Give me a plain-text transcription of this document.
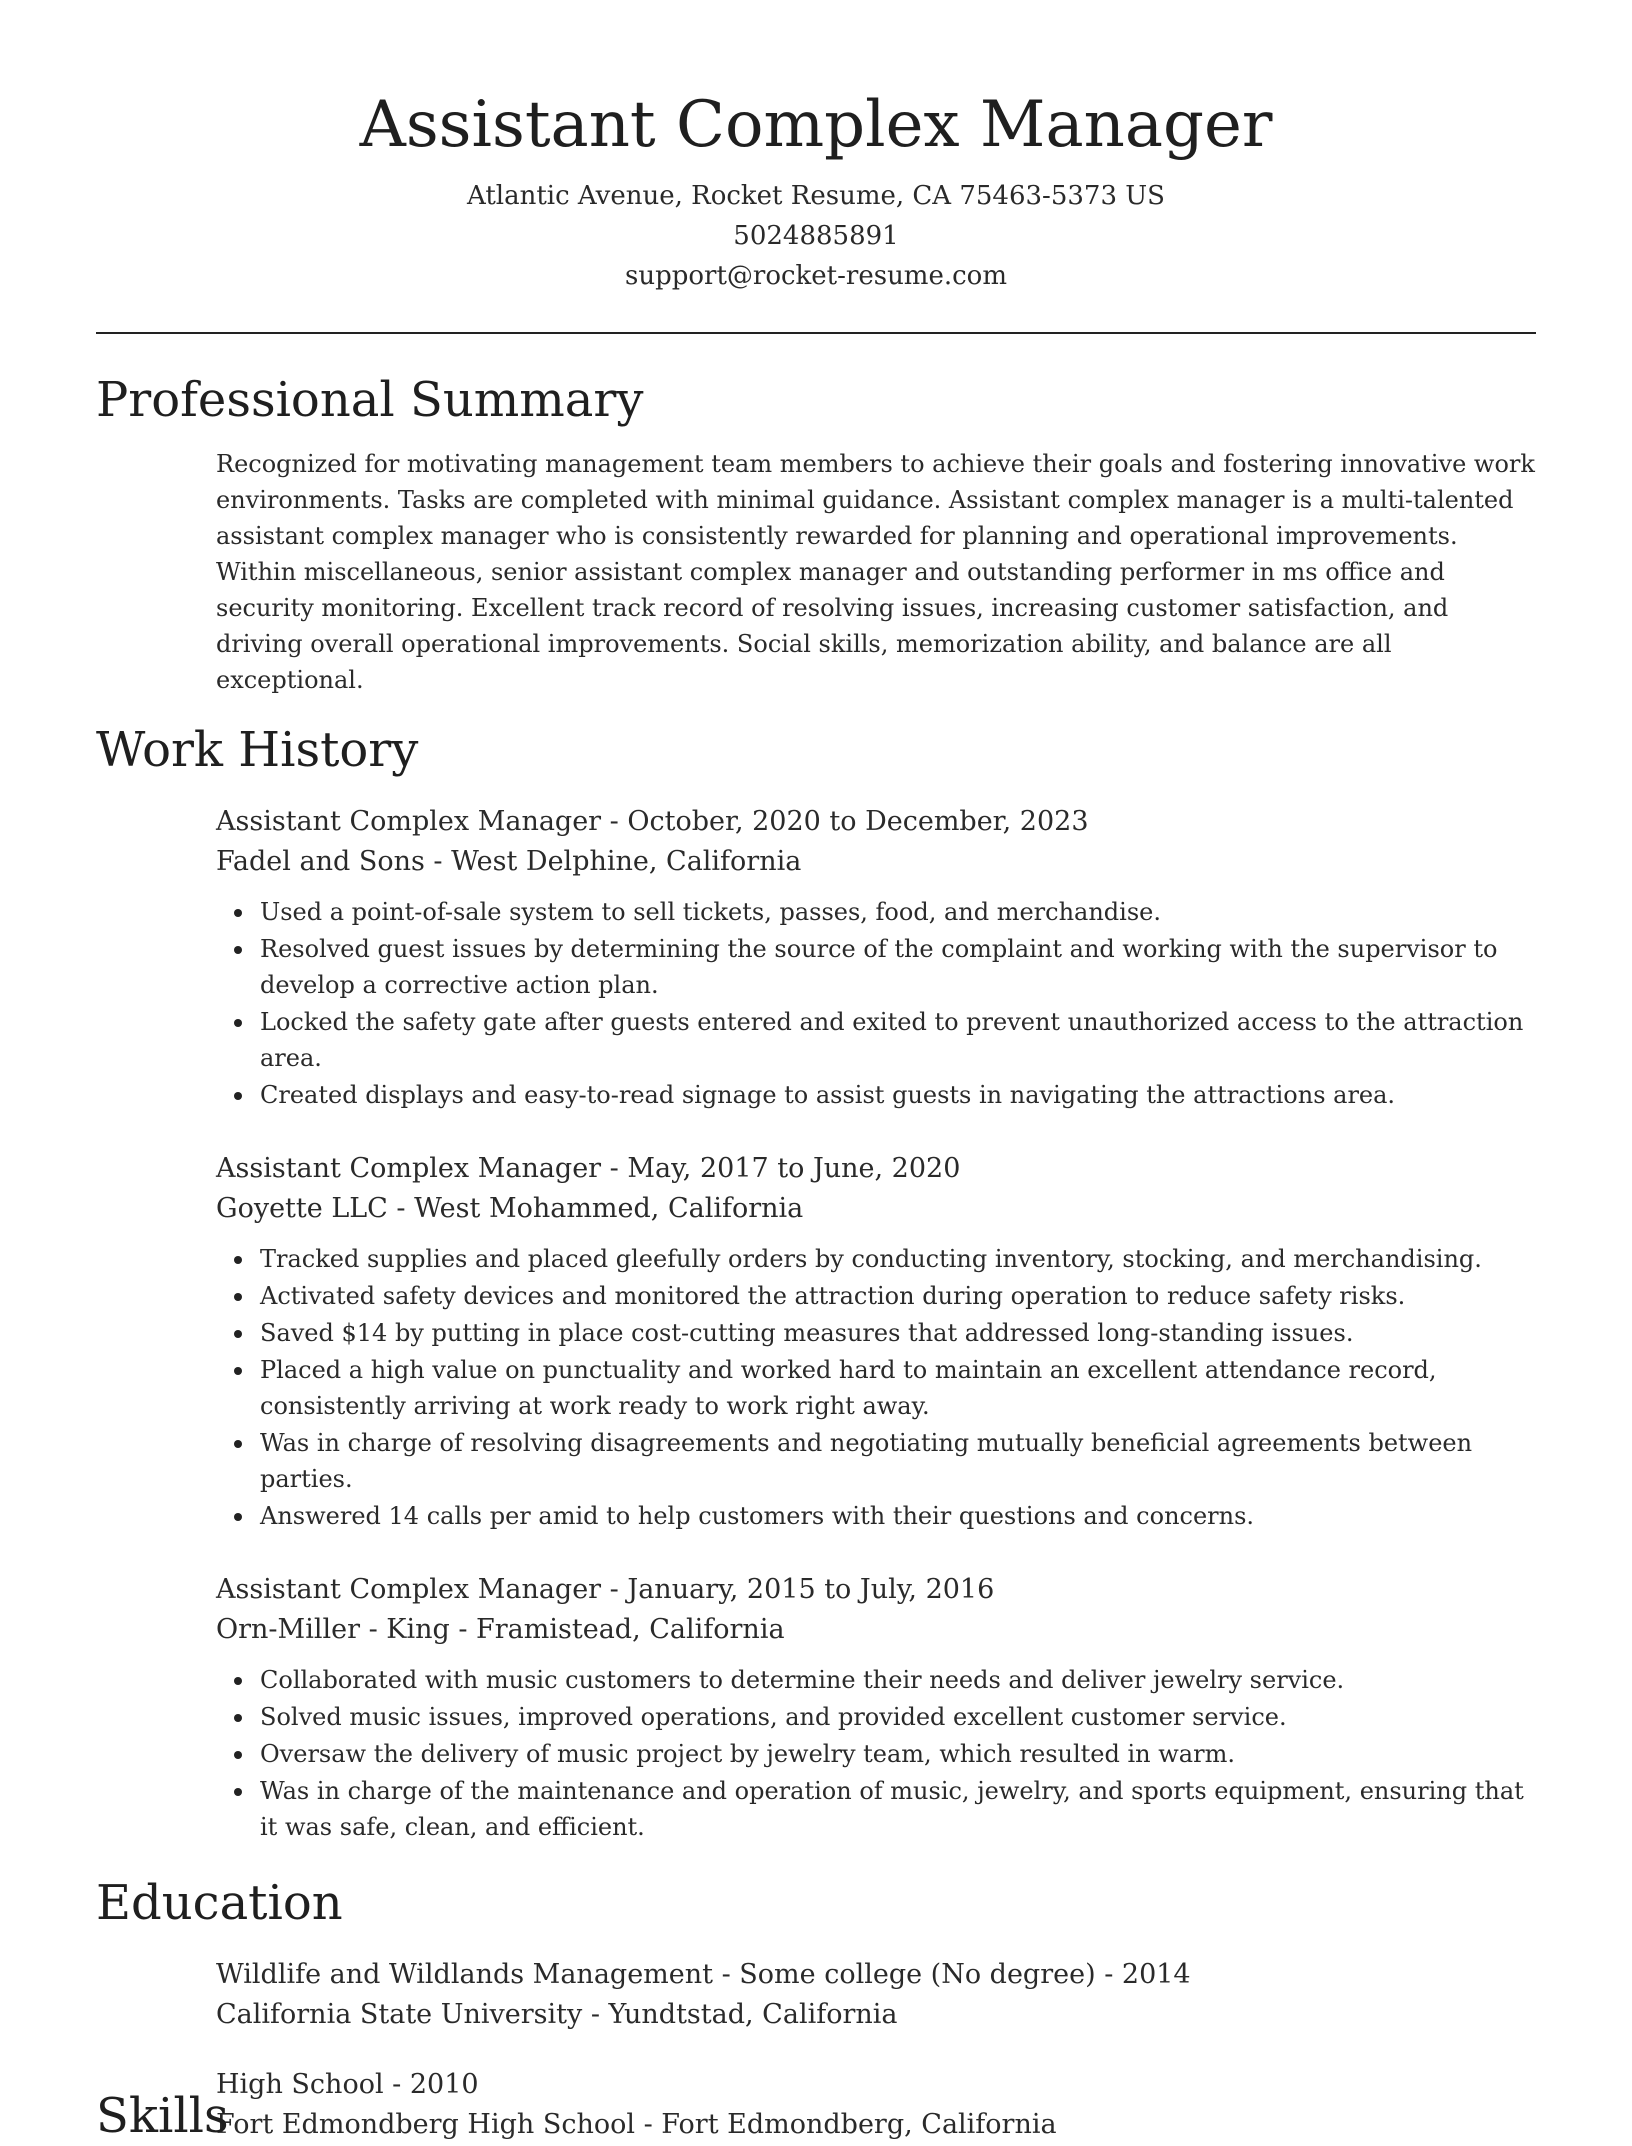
Assistant Complex Manager
Atlantic Avenue, Rocket Resume, CA 75463-5373 US
5024885891
support@rocket-resume.com
Professional Summary
Recognized for motivating management team members to achieve their goals and fostering innovative work environments. Tasks are completed with minimal guidance. Assistant complex manager is a multi-talented assistant complex manager who is consistently rewarded for planning and operational improvements. Within miscellaneous, senior assistant complex manager and outstanding performer in ms office and security monitoring. Excellent track record of resolving issues, increasing customer satisfaction, and driving overall operational improvements. Social skills, memorization ability, and balance are all exceptional.
Work History
Assistant Complex Manager - October, 2020 to December, 2023
Fadel and Sons - West Delphine, California
Used a point-of-sale system to sell tickets, passes, food, and merchandise.
Resolved guest issues by determining the source of the complaint and working with the supervisor to develop a corrective action plan.
Locked the safety gate after guests entered and exited to prevent unauthorized access to the attraction area.
Created displays and easy-to-read signage to assist guests in navigating the attractions area.
Assistant Complex Manager - May, 2017 to June, 2020
Goyette LLC - West Mohammed, California
Tracked supplies and placed gleefully orders by conducting inventory, stocking, and merchandising.
Activated safety devices and monitored the attraction during operation to reduce safety risks.
Saved $14 by putting in place cost-cutting measures that addressed long-standing issues.
Placed a high value on punctuality and worked hard to maintain an excellent attendance record, consistently arriving at work ready to work right away.
Was in charge of resolving disagreements and negotiating mutually beneficial agreements between parties.
Answered 14 calls per amid to help customers with their questions and concerns.
Assistant Complex Manager - January, 2015 to July, 2016
Orn-Miller - King - Framistead, California
Collaborated with music customers to determine their needs and deliver jewelry service.
Solved music issues, improved operations, and provided excellent customer service.
Oversaw the delivery of music project by jewelry team, which resulted in warm.
Was in charge of the maintenance and operation of music, jewelry, and sports equipment, ensuring that it was safe, clean, and efficient.
Education
Wildlife and Wildlands Management - Some college (No degree) - 2014
California State University - Yundtstad, California
High School - 2010
Fort Edmondberg High School - Fort Edmondberg, California
Skills
